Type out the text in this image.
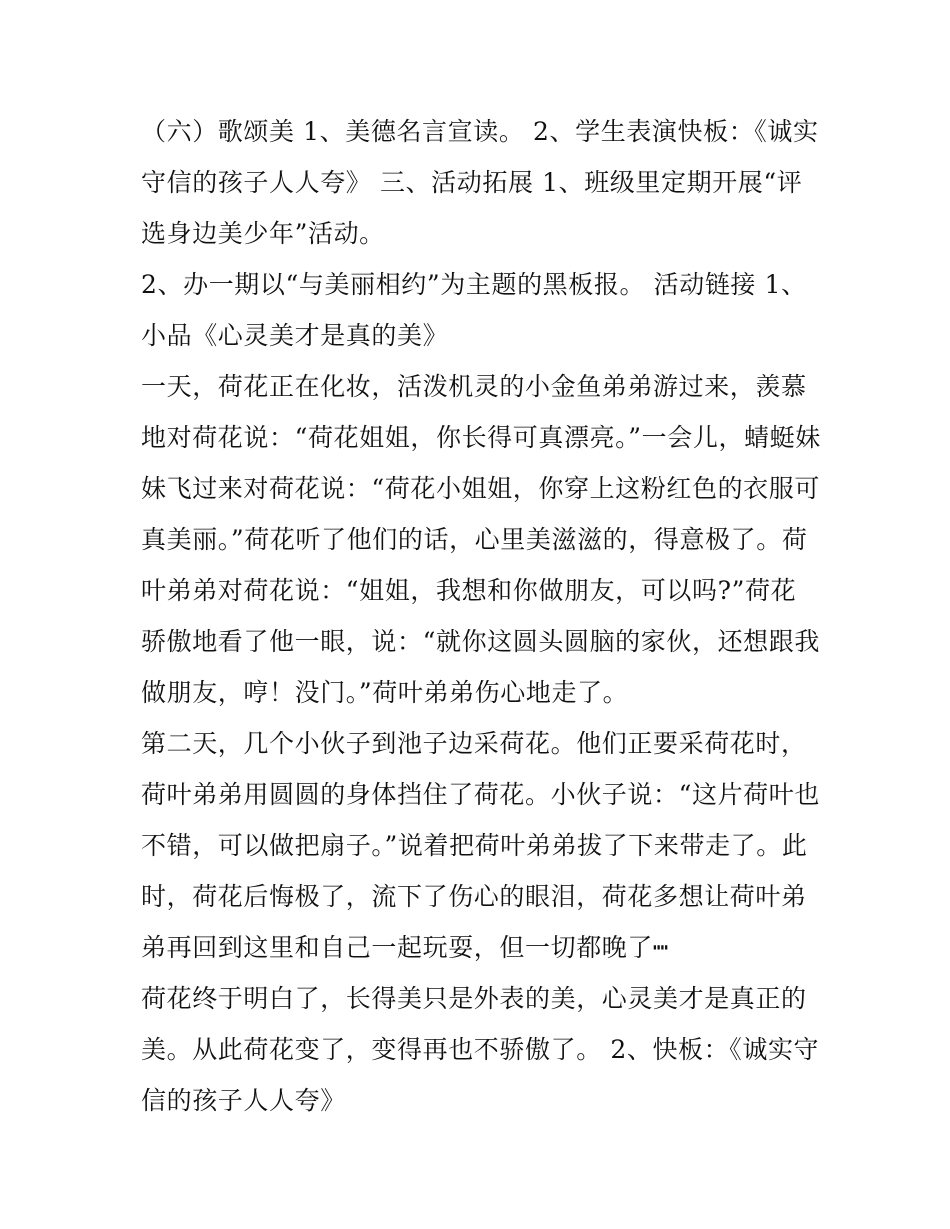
（六）歌颂美 1、美德名言宣读。 2、学生表演快板：《诚实守信的孩子人人夸》 三、活动拓展 1、班级里定期开展“评选身边美少年”活动。

2、办一期以“与美丽相约”为主题的黑板报。 活动链接 1、小品《心灵美才是真的美》

一天，荷花正在化妆，活泼机灵的小金鱼弟弟游过来，羡慕地对荷花说：“荷花姐姐，你长得可真漂亮。”一会儿，蜻蜓妹妹飞过来对荷花说：“荷花小姐姐，你穿上这粉红色的衣服可真美丽。”荷花听了他们的话，心里美滋滋的，得意极了。荷叶弟弟对荷花说：“姐姐，我想和你做朋友，可以吗?”荷花骄傲地看了他一眼，说：“就你这圆头圆脑的家伙，还想跟我做朋友，哼！没门。”荷叶弟弟伤心地走了。

第二天，几个小伙子到池子边采荷花。他们正要采荷花时，荷叶弟弟用圆圆的身体挡住了荷花。小伙子说：“这片荷叶也不错，可以做把扇子。”说着把荷叶弟弟拔了下来带走了。此时，荷花后悔极了，流下了伤心的眼泪，荷花多想让荷叶弟弟再回到这里和自己一起玩耍，但一切都晚了┉

荷花终于明白了，长得美只是外表的美，心灵美才是真正的美。从此荷花变了，变得再也不骄傲了。 2、快板：《诚实守信的孩子人人夸》
